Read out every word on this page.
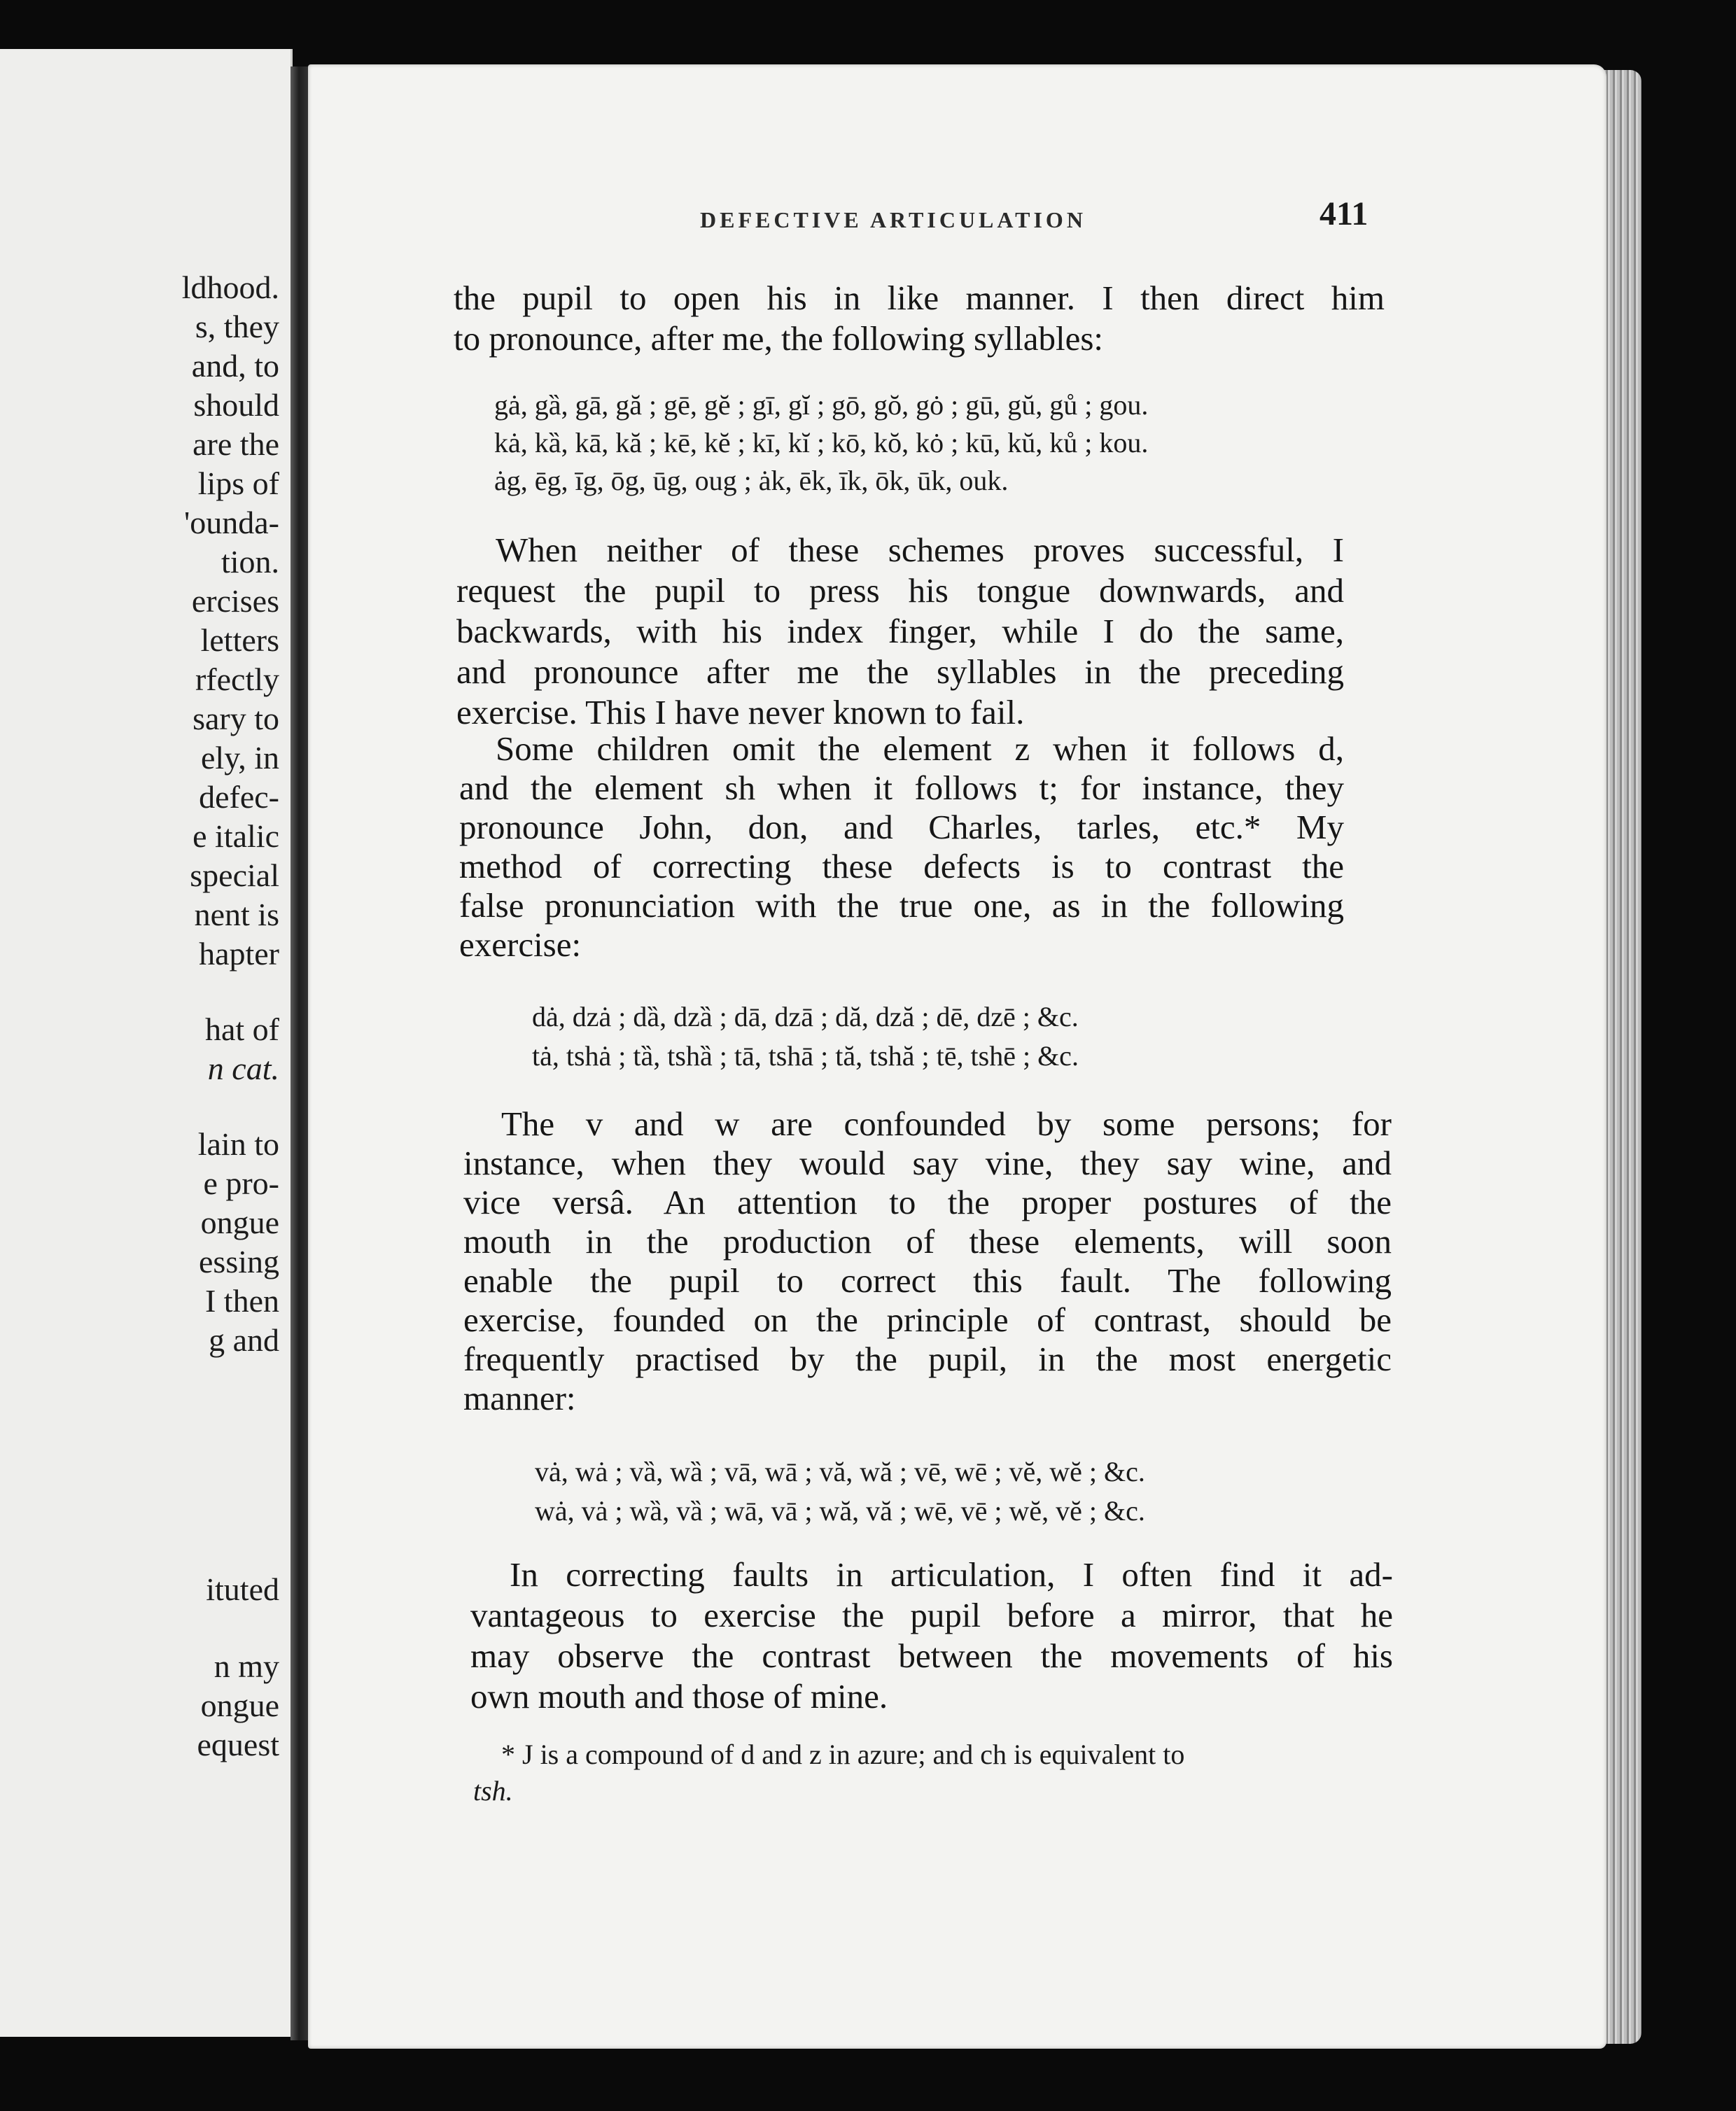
ldhood.
s, they
and, to
should
are the
lips of
'ounda-
tion.
ercises
letters
rfectly
sary to
ely, in
defec-
e italic
special
nent is
hapter
hat of
n cat.
lain to
e pro-
ongue
essing
I then
g and
ituted
n my
ongue
equest
DEFECTIVE ARTICULATION	411
the pupil to open his in like manner. I then direct him
to pronounce, after me, the following syllables:
gȧ, gȁ, gā, gă ; gē, gĕ ; gī, gĭ ; gō, gŏ, gȯ ; gū, gŭ, gů ; gou.
kȧ, kȁ, kā, kă ; kē, kĕ ; kī, kĭ ; kō, kŏ, kȯ ; kū, kŭ, ků ; kou.
ȧg, ēg, īg, ōg, ūg, oug ; ȧk, ēk, īk, ōk, ūk, ouk.
When neither of these schemes proves successful, I
request the pupil to press his tongue downwards, and
backwards, with his index finger, while I do the same,
and pronounce after me the syllables in the preceding
exercise. This I have never known to fail.
Some children omit the element z when it follows d,
and the element sh when it follows t; for instance, they
pronounce John, don, and Charles, tarles, etc.* My
method of correcting these defects is to contrast the
false pronunciation with the true one, as in the following
exercise:
dȧ, dzȧ ; dȁ, dzȁ ; dā, dzā ; dă, dză ; dē, dzē ; &c.
tȧ, tshȧ ; tȁ, tshȁ ; tā, tshā ; tă, tshă ; tē, tshē ; &c.
The v and w are confounded by some persons; for
instance, when they would say vine, they say wine, and
vice versâ. An attention to the proper postures of the
mouth in the production of these elements, will soon
enable the pupil to correct this fault. The following
exercise, founded on the principle of contrast, should be
frequently practised by the pupil, in the most energetic
manner:
vȧ, wȧ ; vȁ, wȁ ; vā, wā ; vă, wă ; vē, wē ; vĕ, wĕ ; &c.
wȧ, vȧ ; wȁ, vȁ ; wā, vā ; wă, vă ; wē, vē ; wĕ, vĕ ; &c.
In correcting faults in articulation, I often find it ad-
vantageous to exercise the pupil before a mirror, that he
may observe the contrast between the movements of his
own mouth and those of mine.
* J is a compound of d and z in azure; and ch is equivalent to
tsh.
